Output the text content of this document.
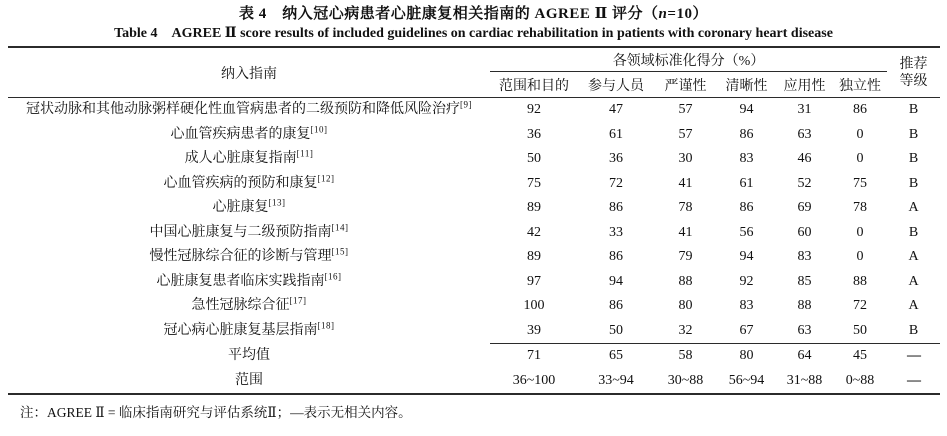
表 4　纳入冠心病患者心脏康复相关指南的 AGREE Ⅱ 评分（n=10）
Table 4　AGREE Ⅱ score results of included guidelines on cardiac rehabilitation in patients with coronary heart disease
纳入指南	各领域标准化得分（%）						推荐
等级
	范围和目的	参与人员	严谨性	清晰性	应用性	独立性	
冠状动脉和其他动脉粥样硬化性血管病患者的二级预防和降低风险治疗[9]	92	47	57	94	31	86	B
心血管疾病患者的康复[10]	36	61	57	86	63	0	B
成人心脏康复指南[11]	50	36	30	83	46	0	B
心血管疾病的预防和康复[12]	75	72	41	61	52	75	B
心脏康复[13]	89	86	78	86	69	78	A
中国心脏康复与二级预防指南[14]	42	33	41	56	60	0	B
慢性冠脉综合征的诊断与管理[15]	89	86	79	94	83	0	A
心脏康复患者临床实践指南[16]	97	94	88	92	85	88	A
急性冠脉综合征[17]	100	86	80	83	88	72	A
冠心病心脏康复基层指南[18]	39	50	32	67	63	50	B
平均值	71	65	58	80	64	45	—
范围	36~100	33~94	30~88	56~94	31~88	0~88	—
注：AGREE Ⅱ = 临床指南研究与评估系统Ⅱ；—表示无相关内容。
